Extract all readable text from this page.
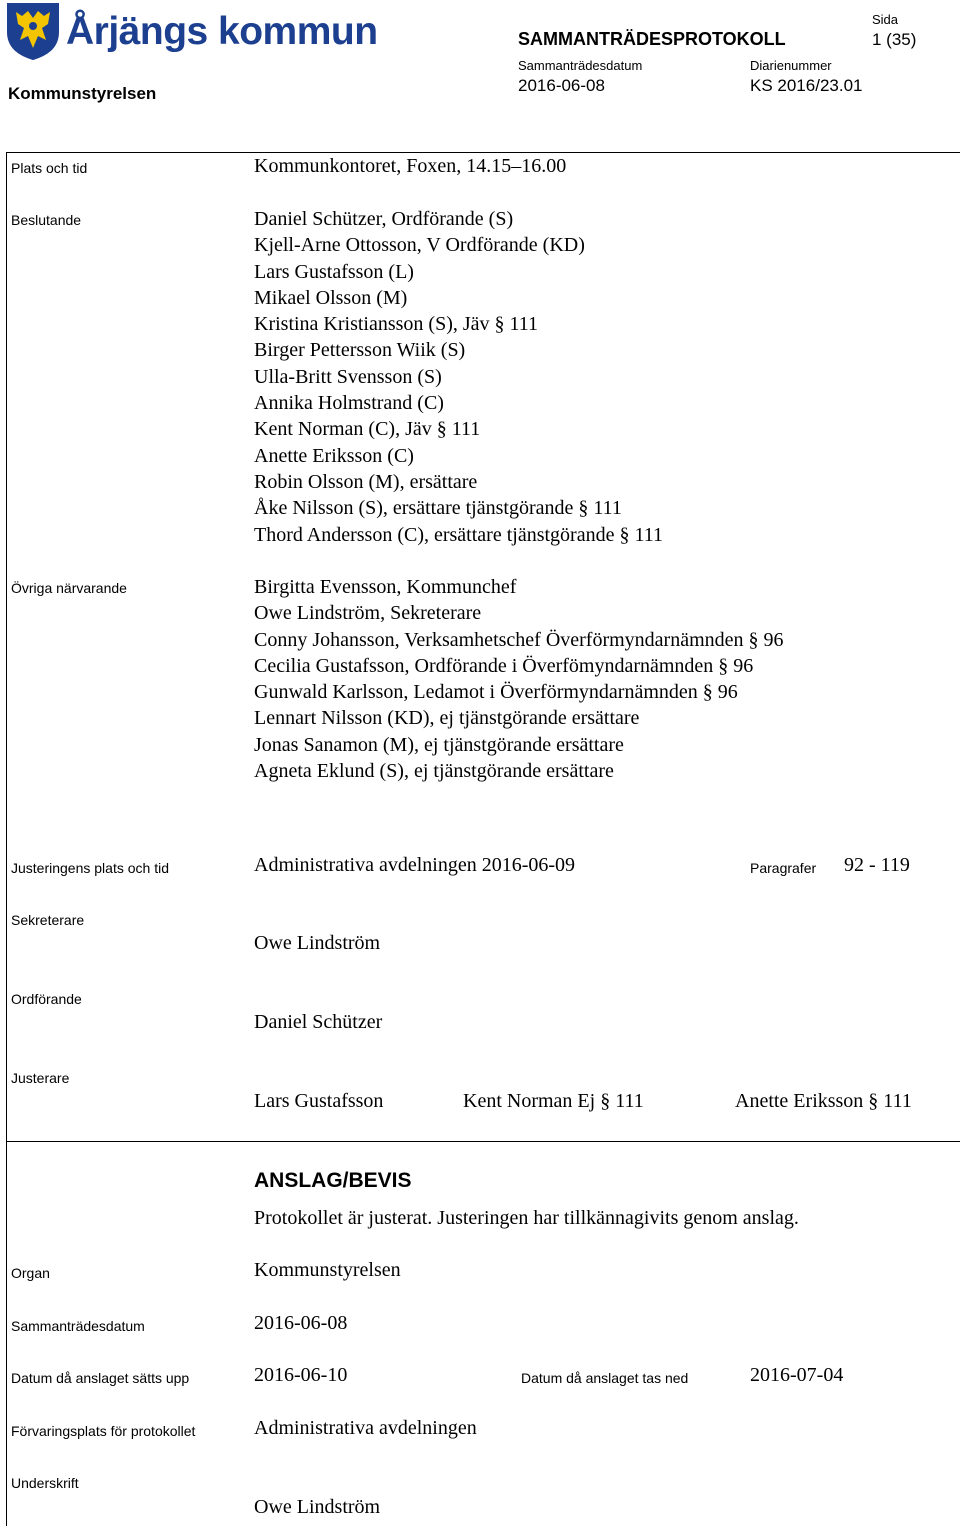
Årjängs kommun
Kommunstyrelsen
SAMMANTRÄDESPROTOKOLL
Sida
1 (35)
Sammanträdesdatum	Diarienummer
2016-06-08	KS 2016/23.01
Plats och tid	Kommunkontoret, Foxen, 14.15–16.00
Beslutande	Daniel Schützer, Ordförande (S)
Kjell-Arne Ottosson, V Ordförande (KD)
Lars Gustafsson (L)
Mikael Olsson (M)
Kristina Kristiansson (S), Jäv § 111
Birger Pettersson Wiik (S)
Ulla-Britt Svensson (S)
Annika Holmstrand (C)
Kent Norman (C), Jäv § 111
Anette Eriksson (C)
Robin Olsson (M), ersättare
Åke Nilsson (S), ersättare tjänstgörande § 111
Thord Andersson (C), ersättare tjänstgörande § 111
Övriga närvarande	Birgitta Evensson, Kommunchef
Owe Lindström, Sekreterare
Conny Johansson, Verksamhetschef Överförmyndarnämnden § 96
Cecilia Gustafsson, Ordförande i Överfömyndarnämnden § 96
Gunwald Karlsson, Ledamot i Överförmyndarnämnden § 96
Lennart Nilsson (KD), ej tjänstgörande ersättare
Jonas Sanamon (M), ej tjänstgörande ersättare
Agneta Eklund (S), ej tjänstgörande ersättare
Justeringens plats och tid	Administrativa avdelningen 2016-06-09	Paragrafer 92 - 119
Sekreterare
Owe Lindström
Ordförande
Daniel Schützer
Justerare
Lars Gustafsson	Kent Norman Ej § 111	Anette Eriksson § 111
ANSLAG/BEVIS
Protokollet är justerat. Justeringen har tillkännagivits genom anslag.
Organ	Kommunstyrelsen
Sammanträdesdatum	2016-06-08
Datum då anslaget sätts upp	2016-06-10	Datum då anslaget tas ned	2016-07-04
Förvaringsplats för protokollet	Administrativa avdelningen
Underskrift
Owe Lindström
